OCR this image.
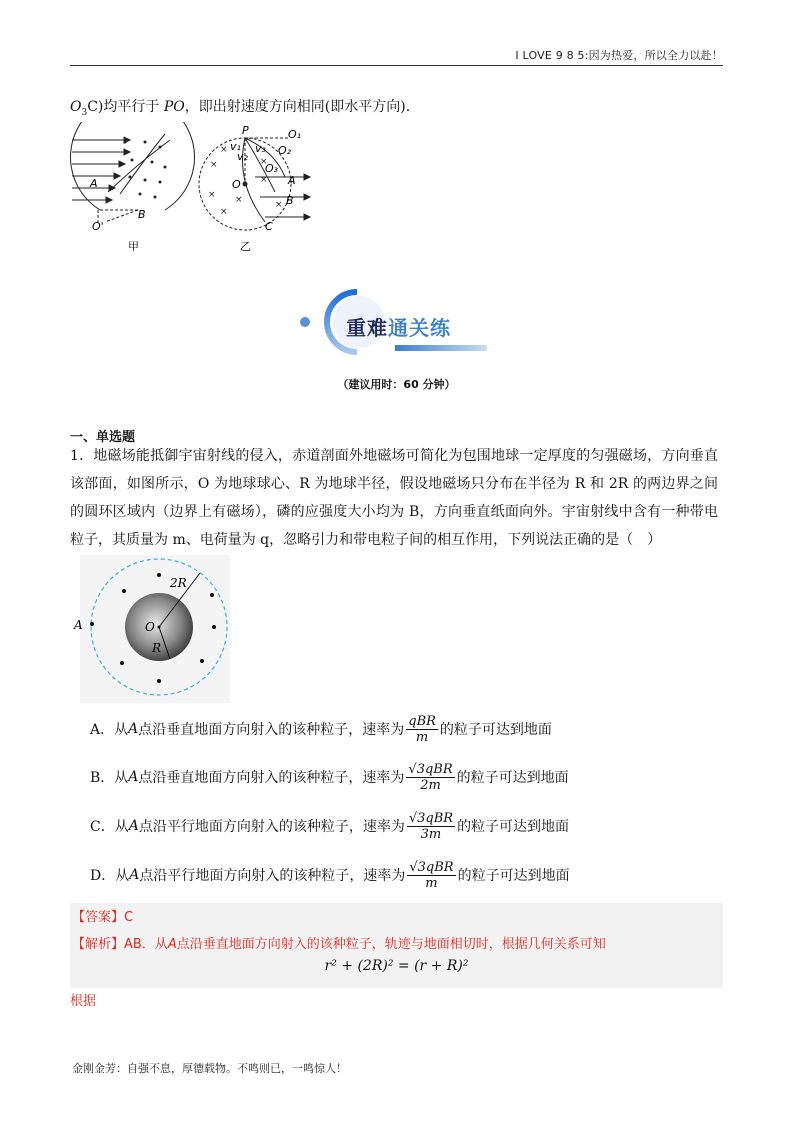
I LOVE 9 8 5:因为热爱，所以全力以赴！
$O_3C$)均平行于 PO，即出射速度方向相同(即水平方向).
A
B
O'
甲
×
×
×
×
×
×
×
×
P	O₁
O₂
O₃
O	A
B
C
v₁
v₂
v₃
乙
重难通关练
（建议用时：60 分钟）
一、单选题
1．地磁场能抵御宇宙射线的侵入，赤道剖面外地磁场可简化为包围地球一定厚度的匀强磁场，方向垂直该部面，如图所示，O 为地球球心、R 为地球半径，假设地磁场只分布在半径为 R 和 2R 的两边界之间的圆环区域内（边界上有磁场），磷的应强度大小均为 B，方向垂直纸面向外。宇宙射线中含有一种带电粒子，其质量为 m、电荷量为 q，忽略引力和带电粒子间的相互作用，下列说法正确的是（　）
2R
A	O
R
A．从 A 点沿垂直地面方向射入的该种粒子，速率为 $\frac{\text{qBR}}{m}$ 的粒子可达到地面
B．从 A 点沿垂直地面方向射入的该种粒子，速率为 $\frac{\text{√3qBR}}{2m}$ 的粒子可达到地面
C．从 A 点沿平行地面方向射入的该种粒子，速率为 $\frac{\text{√3qBR}}{3m}$ 的粒子可达到地面
D．从 A 点沿平行地面方向射入的该种粒子，速率为 $\frac{\text{√3qBR}}{m}$ 的粒子可达到地面
【答案】C
【解析】AB．从A点沿垂直地面方向射入的该种粒子，轨迹与地面相切时，根据几何关系可知
r² + (2R)² = (r + R)²
根据
金刚金芳：自强不息，厚德载物。不鸣则已，一鸣惊人！
